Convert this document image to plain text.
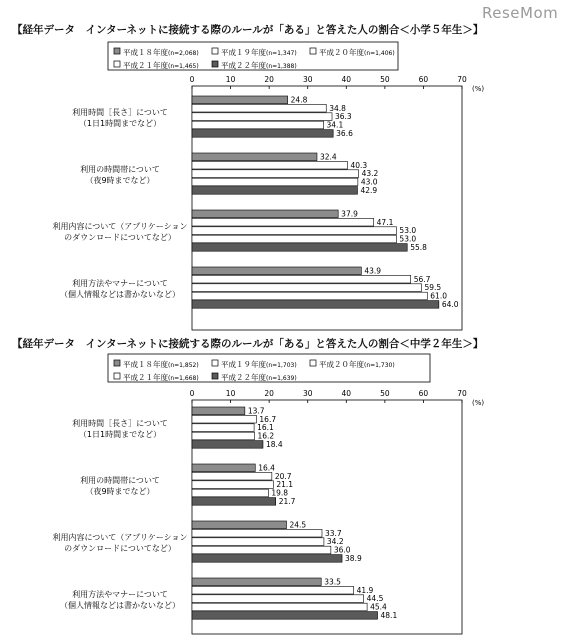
ReseMom
【経年データ　インターネットに接続する際のルールが「ある」と答えた人の割合＜小学５年生＞】
平成１８年度(n=2,068)	平成１９年度(n=1,347)	平成２０年度(n=1,406)
平成２１年度(n=1,465)	平成２２年度(n=1,388)
(%)
0	10	20	30	40	50	60	70
利用時間［長さ］について
（1日1時間までなど）
24.8
34.8
36.3
34.1
36.6
利用の時間帯について
（夜9時までなど）
32.4
40.3
43.2
43.0
42.9
利用内容について（アプリケーション
のダウンロードについてなど）
37.9
47.1
53.0
53.0
55.8
利用方法やマナーについて
（個人情報などは書かないなど）
43.9
56.7
59.5
61.0
64.0
【経年データ　インターネットに接続する際のルールが「ある」と答えた人の割合＜中学２年生＞】
平成１８年度(n=1,852)	平成１９年度(n=1,703)	平成２０年度(n=1,730)
平成２１年度(n=1,668)	平成２２年度(n=1,639)
(%)
0	10	20	30	40	50	60	70
利用時間［長さ］について
（1日1時間までなど）
13.7
16.7
16.1
16.2
18.4
利用の時間帯について
（夜9時までなど）
16.4
20.7
21.1
19.8
21.7
利用内容について（アプリケーション
のダウンロードについてなど）
24.5
33.7
34.2
36.0
38.9
利用方法やマナーについて
（個人情報などは書かないなど）
33.5
41.9
44.5
45.4
48.1
